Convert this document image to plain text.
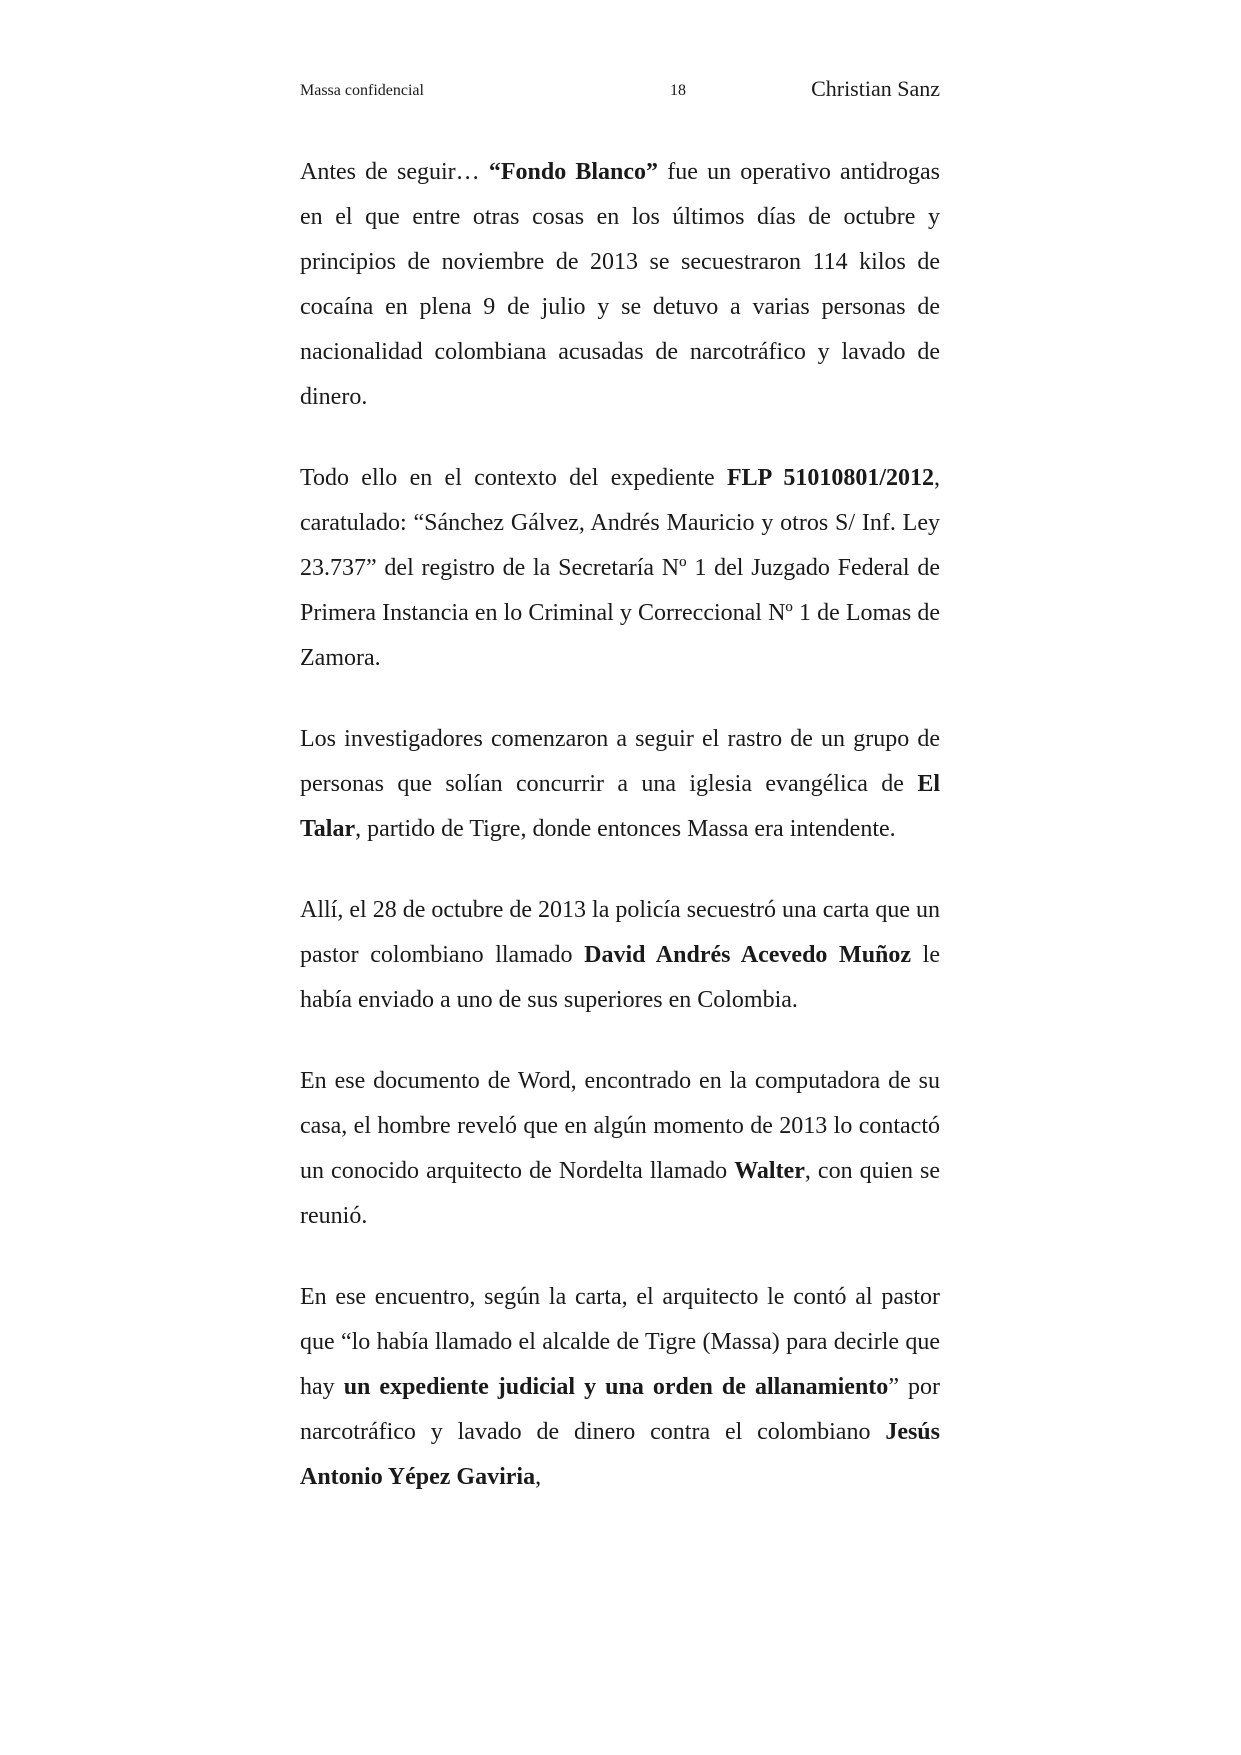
Massa confidencial	18	Christian Sanz

Antes de seguir… “Fondo Blanco” fue un operativo antidrogas en el que entre otras cosas en los últimos días de octubre y principios de noviembre de 2013 se secuestraron 114 kilos de cocaína en plena 9 de julio y se detuvo a varias personas de nacionalidad colombiana acusadas de narcotráfico y lavado de dinero.

Todo ello en el contexto del expediente FLP 51010801/2012, caratulado: “Sánchez Gálvez, Andrés Mauricio y otros S/ Inf. Ley 23.737” del registro de la Secretaría Nº 1 del Juzgado Federal de Primera Instancia en lo Criminal y Correccional Nº 1 de Lomas de Zamora.

Los investigadores comenzaron a seguir el rastro de un grupo de personas que solían concurrir a una iglesia evangélica de El Talar, partido de Tigre, donde entonces Massa era intendente.

Allí, el 28 de octubre de 2013 la policía secuestró una carta que un pastor colombiano llamado David Andrés Acevedo Muñoz le había enviado a uno de sus superiores en Colombia.

En ese documento de Word, encontrado en la computadora de su casa, el hombre reveló que en algún momento de 2013 lo contactó un conocido arquitecto de Nordelta llamado Walter, con quien se reunió.

En ese encuentro, según la carta, el arquitecto le contó al pastor que “lo había llamado el alcalde de Tigre (Massa) para decirle que hay un expediente judicial y una orden de allanamiento” por narcotráfico y lavado de dinero contra el colombiano Jesús Antonio Yépez Gaviria,
